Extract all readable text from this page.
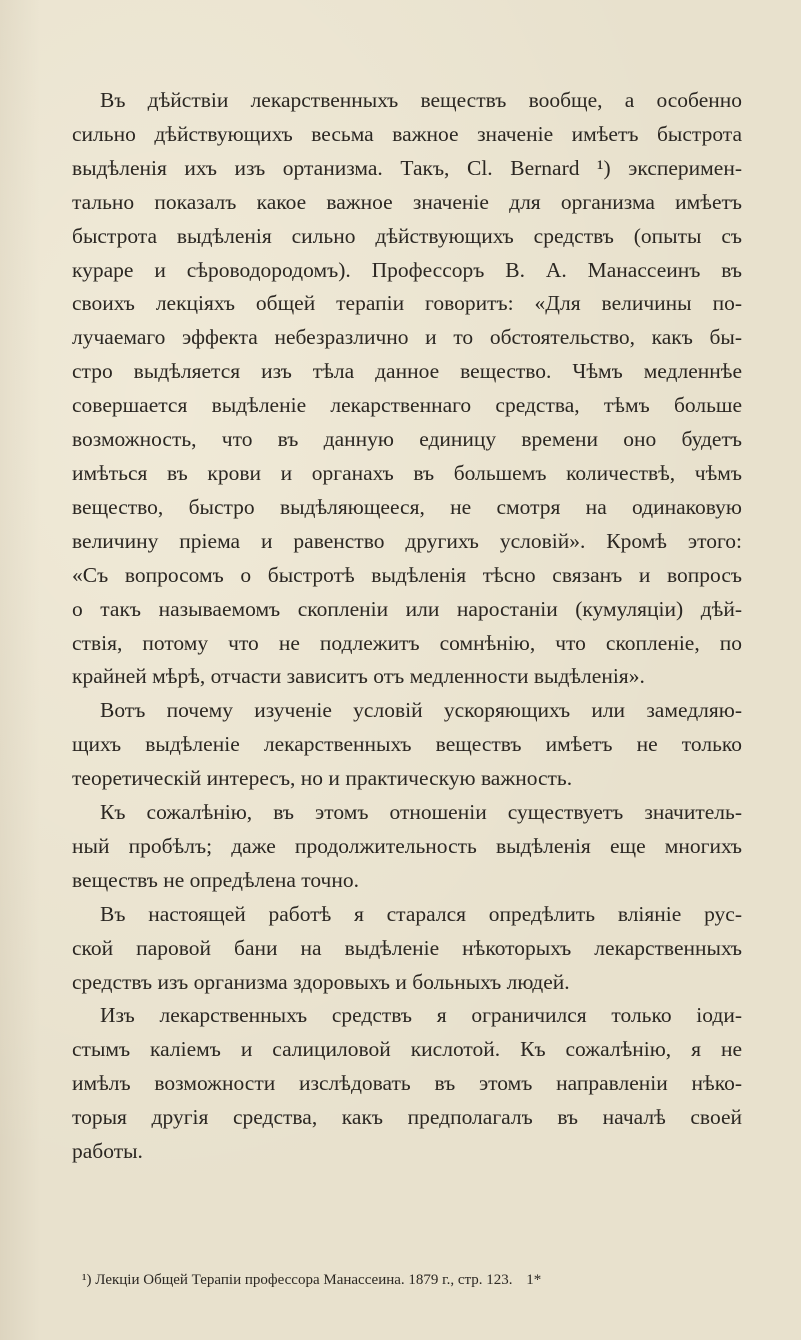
Въ дѣйствіи лекарственныхъ веществъ вообще, а особенно
сильно дѣйствующихъ весьма важное значеніе имѣетъ быстрота
выдѣленія ихъ изъ ортанизма. Такъ, Cl. Bernard ¹) эксперимен-
тально показалъ какое важное значеніе для организма имѣетъ
быстрота выдѣленія сильно дѣйствующихъ средствъ (опыты съ
кураре и сѣроводородомъ). Профессоръ В. А. Манассеинъ въ
своихъ лекціяхъ общей терапіи говоритъ: «Для величины по-
лучаемаго эффекта небезразлично и то обстоятельство, какъ бы-
стро выдѣляется изъ тѣла данное вещество. Чѣмъ медленнѣе
совершается выдѣленіе лекарственнаго средства, тѣмъ больше
возможность, что въ данную единицу времени оно будетъ
имѣться въ крови и органахъ въ большемъ количествѣ, чѣмъ
вещество, быстро выдѣляющееся, не смотря на одинаковую
величину пріема и равенство другихъ условій». Кромѣ этого:
«Съ вопросомъ о быстротѣ выдѣленія тѣсно связанъ и вопросъ
о такъ называемомъ скопленіи или наростаніи (кумуляціи) дѣй-
ствія, потому что не подлежитъ сомнѣнію, что скопленіе, по
крайней мѣрѣ, отчасти зависитъ отъ медленности выдѣленія».
Вотъ почему изученіе условій ускоряющихъ или замедляю-
щихъ выдѣленіе лекарственныхъ веществъ имѣетъ не только
теоретическій интересъ, но и практическую важность.
Къ сожалѣнію, въ этомъ отношеніи существуетъ значитель-
ный пробѣлъ; даже продолжительность выдѣленія еще многихъ
веществъ не опредѣлена точно.
Въ настоящей работѣ я старался опредѣлить вліяніе рус-
ской паровой бани на выдѣленіе нѣкоторыхъ лекарственныхъ
средствъ изъ организма здоровыхъ и больныхъ людей.
Изъ лекарственныхъ средствъ я ограничился только іоди-
стымъ каліемъ и салициловой кислотой. Къ сожалѣнію, я не
имѣлъ возможности изслѣдовать въ этомъ направленіи нѣко-
торыя другія средства, какъ предполагалъ въ началѣ своей
работы.
¹) Лекціи Общей Терапіи профессора Манассеина. 1879 г., стр. 123. 1*
